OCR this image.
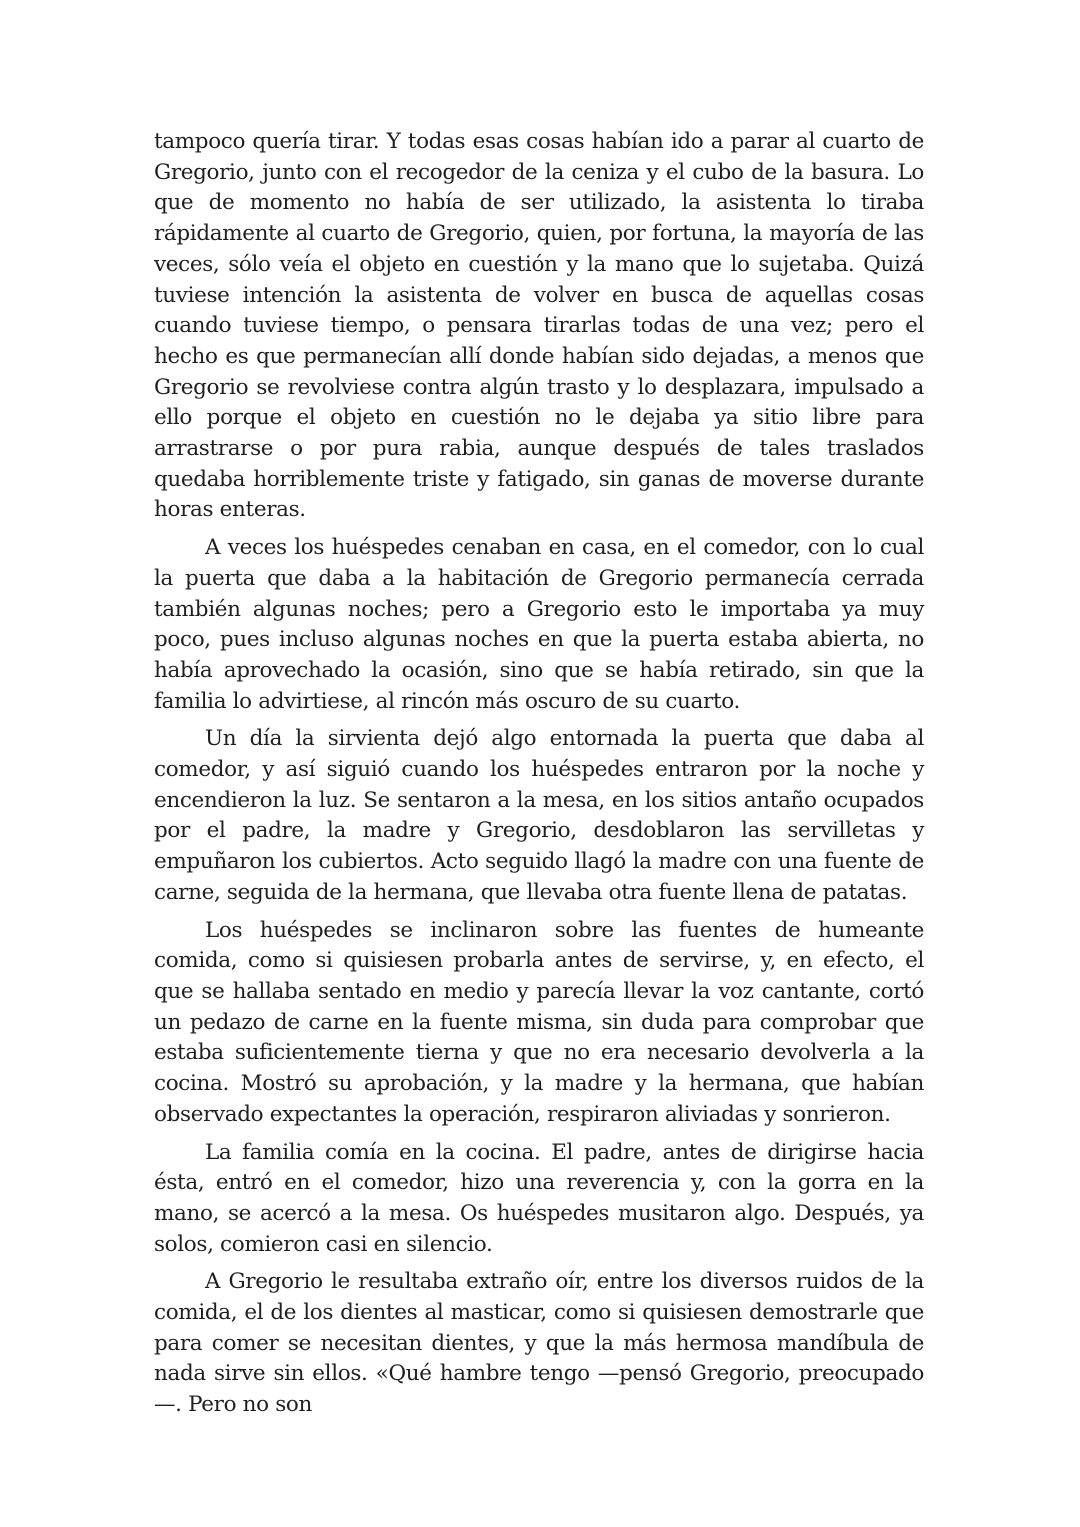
tampoco quería tirar. Y todas esas cosas habían ido a parar al cuarto de Gregorio, junto con el recogedor de la ceniza y el cubo de la basura. Lo que de momento no había de ser utilizado, la asistenta lo tiraba rápidamente al cuarto de Gregorio, quien, por fortuna, la mayoría de las veces, sólo veía el objeto en cuestión y la mano que lo sujetaba. Quizá tuviese intención la asistenta de volver en busca de aquellas cosas cuando tuviese tiempo, o pensara tirarlas todas de una vez; pero el hecho es que permanecían allí donde habían sido dejadas, a menos que Gregorio se revolviese contra algún trasto y lo desplazara, impulsado a ello porque el objeto en cuestión no le dejaba ya sitio libre para arrastrarse o por pura rabia, aunque después de tales traslados quedaba horriblemente triste y fatigado, sin ganas de moverse durante horas enteras.

A veces los huéspedes cenaban en casa, en el comedor, con lo cual la puerta que daba a la habitación de Gregorio permanecía cerrada también algunas noches; pero a Gregorio esto le importaba ya muy poco, pues incluso algunas noches en que la puerta estaba abierta, no había aprovechado la ocasión, sino que se había retirado, sin que la familia lo advirtiese, al rincón más oscuro de su cuarto.

Un día la sirvienta dejó algo entornada la puerta que daba al comedor, y así siguió cuando los huéspedes entraron por la noche y encendieron la luz. Se sentaron a la mesa, en los sitios antaño ocupados por el padre, la madre y Gregorio, desdoblaron las servilletas y empuñaron los cubiertos. Acto seguido llagó la madre con una fuente de carne, seguida de la hermana, que llevaba otra fuente llena de patatas.

Los huéspedes se inclinaron sobre las fuentes de humeante comida, como si quisiesen probarla antes de servirse, y, en efecto, el que se hallaba sentado en medio y parecía llevar la voz cantante, cortó un pedazo de carne en la fuente misma, sin duda para comprobar que estaba suficientemente tierna y que no era necesario devolverla a la cocina. Mostró su aprobación, y la madre y la hermana, que habían observado expectantes la operación, respiraron aliviadas y sonrieron.

La familia comía en la cocina. El padre, antes de dirigirse hacia ésta, entró en el comedor, hizo una reverencia y, con la gorra en la mano, se acercó a la mesa. Os huéspedes musitaron algo. Después, ya solos, comieron casi en silencio.

A Gregorio le resultaba extraño oír, entre los diversos ruidos de la comida, el de los dientes al masticar, como si quisiesen demostrarle que para comer se necesitan dientes, y que la más hermosa mandíbula de nada sirve sin ellos. «Qué hambre tengo —pensó Gregorio, preocupado—. Pero no son
